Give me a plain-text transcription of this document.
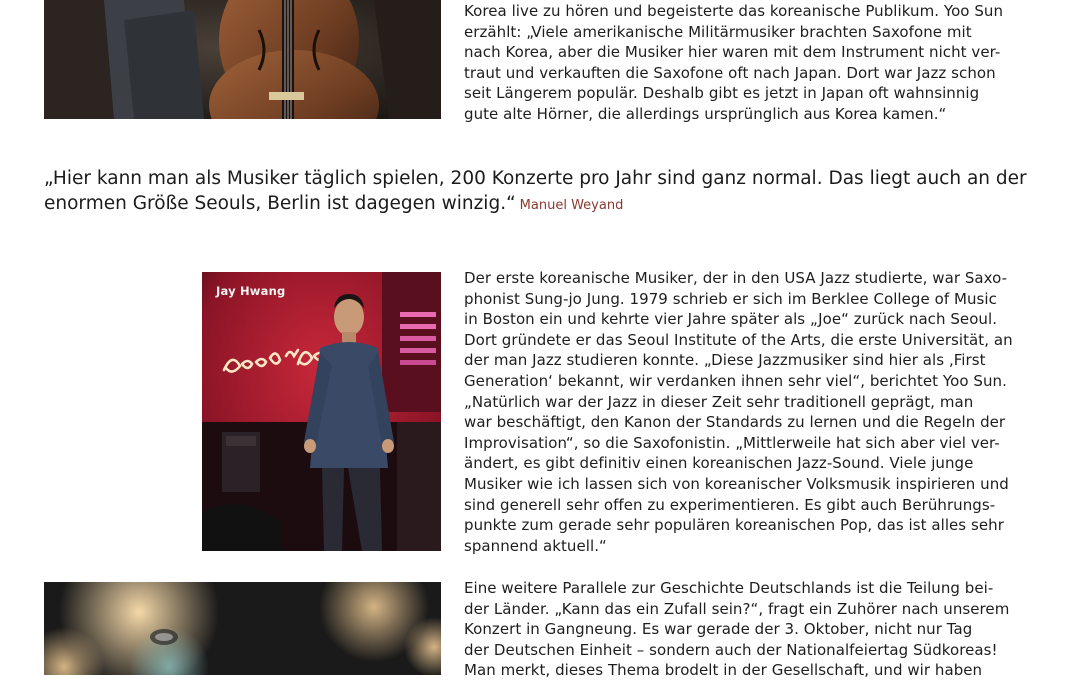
Korea live zu hören und begeisterte das koreanische Publikum. Yoo Sun
erzählt: „Viele amerikanische Militärmusiker brachten Saxofone mit
nach Korea, aber die Musiker hier waren mit dem Instrument nicht ver-
traut und verkauften die Saxofone oft nach Japan. Dort war Jazz schon
seit Längerem populär. Deshalb gibt es jetzt in Japan oft wahnsinnig
gute alte Hörner, die allerdings ursprünglich aus Korea kamen.“

„Hier kann man als Musiker täglich spielen, 200 Konzerte pro Jahr sind ganz normal. Das liegt auch an der
enormen Größe Seouls, Berlin ist dagegen winzig.“ Manuel Weyand
Jay Hwang

Der erste koreanische Musiker, der in den USA Jazz studierte, war Saxo-
phonist Sung-jo Jung. 1979 schrieb er sich im Berklee College of Music
in Boston ein und kehrte vier Jahre später als „Joe“ zurück nach Seoul.
Dort gründete er das Seoul Institute of the Arts, die erste Universität, an
der man Jazz studieren konnte. „Diese Jazzmusiker sind hier als ‚First
Generation‘ bekannt, wir verdanken ihnen sehr viel“, berichtet Yoo Sun.
„Natürlich war der Jazz in dieser Zeit sehr traditionell geprägt, man
war beschäftigt, den Kanon der Standards zu lernen und die Regeln der
Improvisation“, so die Saxofonistin. „Mittlerweile hat sich aber viel ver-
ändert, es gibt definitiv einen koreanischen Jazz-Sound. Viele junge
Musiker wie ich lassen sich von koreanischer Volksmusik inspirieren und
sind generell sehr offen zu experimentieren. Es gibt auch Berührungs-
punkte zum gerade sehr populären koreanischen Pop, das ist alles sehr
spannend aktuell.“

Eine weitere Parallele zur Geschichte Deutschlands ist die Teilung bei-
der Länder. „Kann das ein Zufall sein?“, fragt ein Zuhörer nach unserem
Konzert in Gangneung. Es war gerade der 3. Oktober, nicht nur Tag
der Deutschen Einheit – sondern auch der Nationalfeiertag Südkoreas!
Man merkt, dieses Thema brodelt in der Gesellschaft, und wir haben
